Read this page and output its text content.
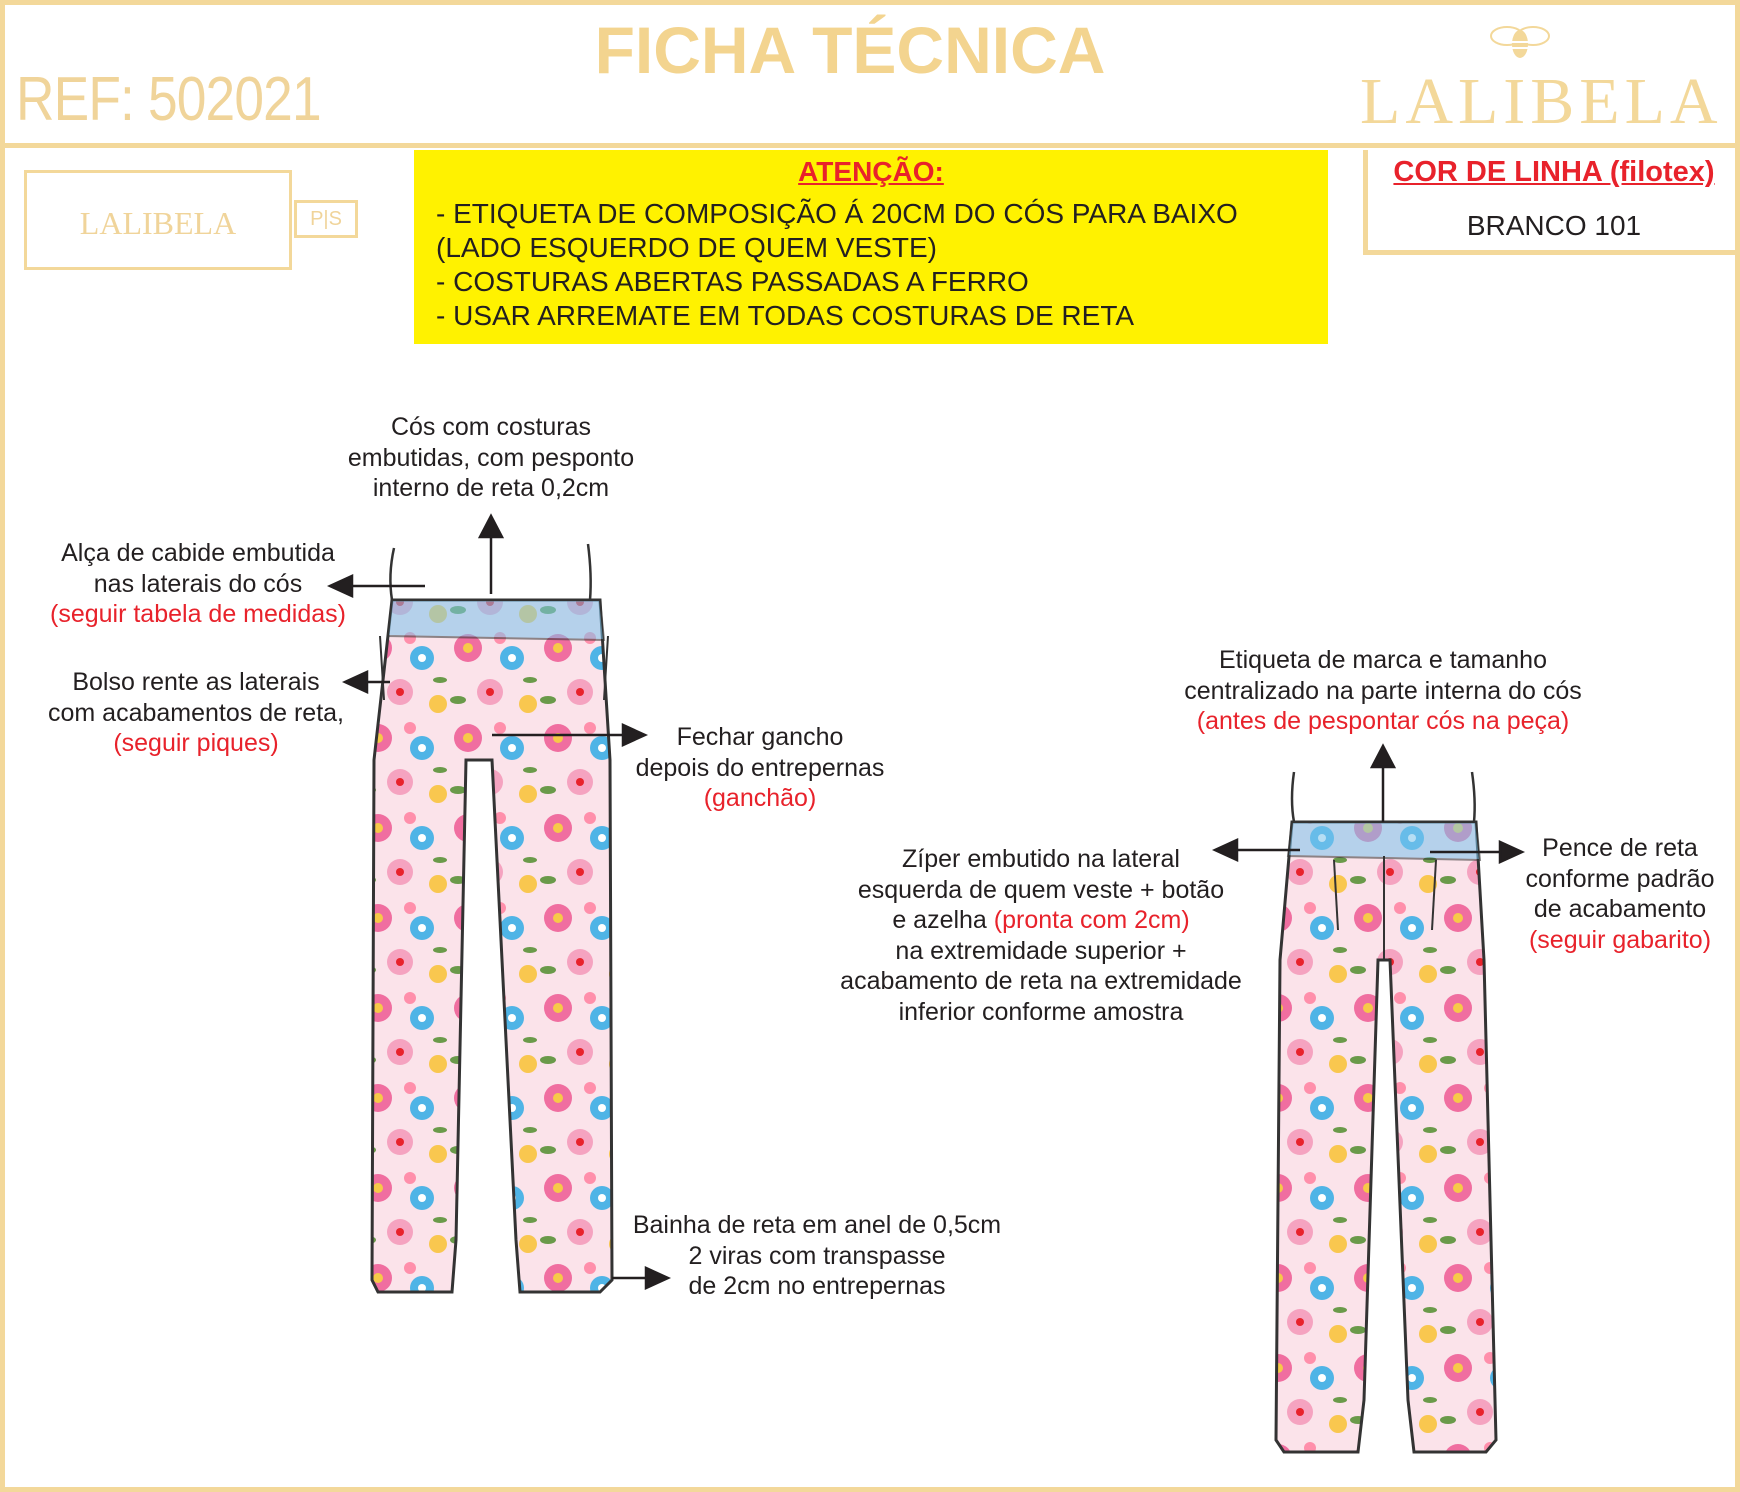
REF: 502021
FICHA TÉCNICA
LALIBELA
LALIBELA	P|S
ATENÇÃO:
- ETIQUETA DE COMPOSIÇÃO Á 20CM DO CÓS PARA BAIXO
(LADO ESQUERDO DE QUEM VESTE)
- COSTURAS ABERTAS PASSADAS A FERRO
- USAR ARREMATE EM TODAS COSTURAS DE RETA
COR DE LINHA (filotex)
BRANCO 101
Cós com costuras
embutidas, com pesponto
interno de reta 0,2cm
Alça de cabide embutida
nas laterais do cós
(seguir tabela de medidas)
Bolso rente as laterais
com acabamentos de reta,
(seguir piques)	Fechar gancho
depois do entrepernas
(ganchão)
Bainha de reta em anel de 0,5cm
2 viras com transpasse
de 2cm no entrepernas
Etiqueta de marca e tamanho
centralizado na parte interna do cós
(antes de pespontar cós na peça)
Zíper embutido na lateral
esquerda de quem veste + botão
e azelha (pronta com 2cm)
na extremidade superior +
acabamento de reta na extremidade
inferior conforme amostra
Pence de reta
conforme padrão
de acabamento
(seguir gabarito)
